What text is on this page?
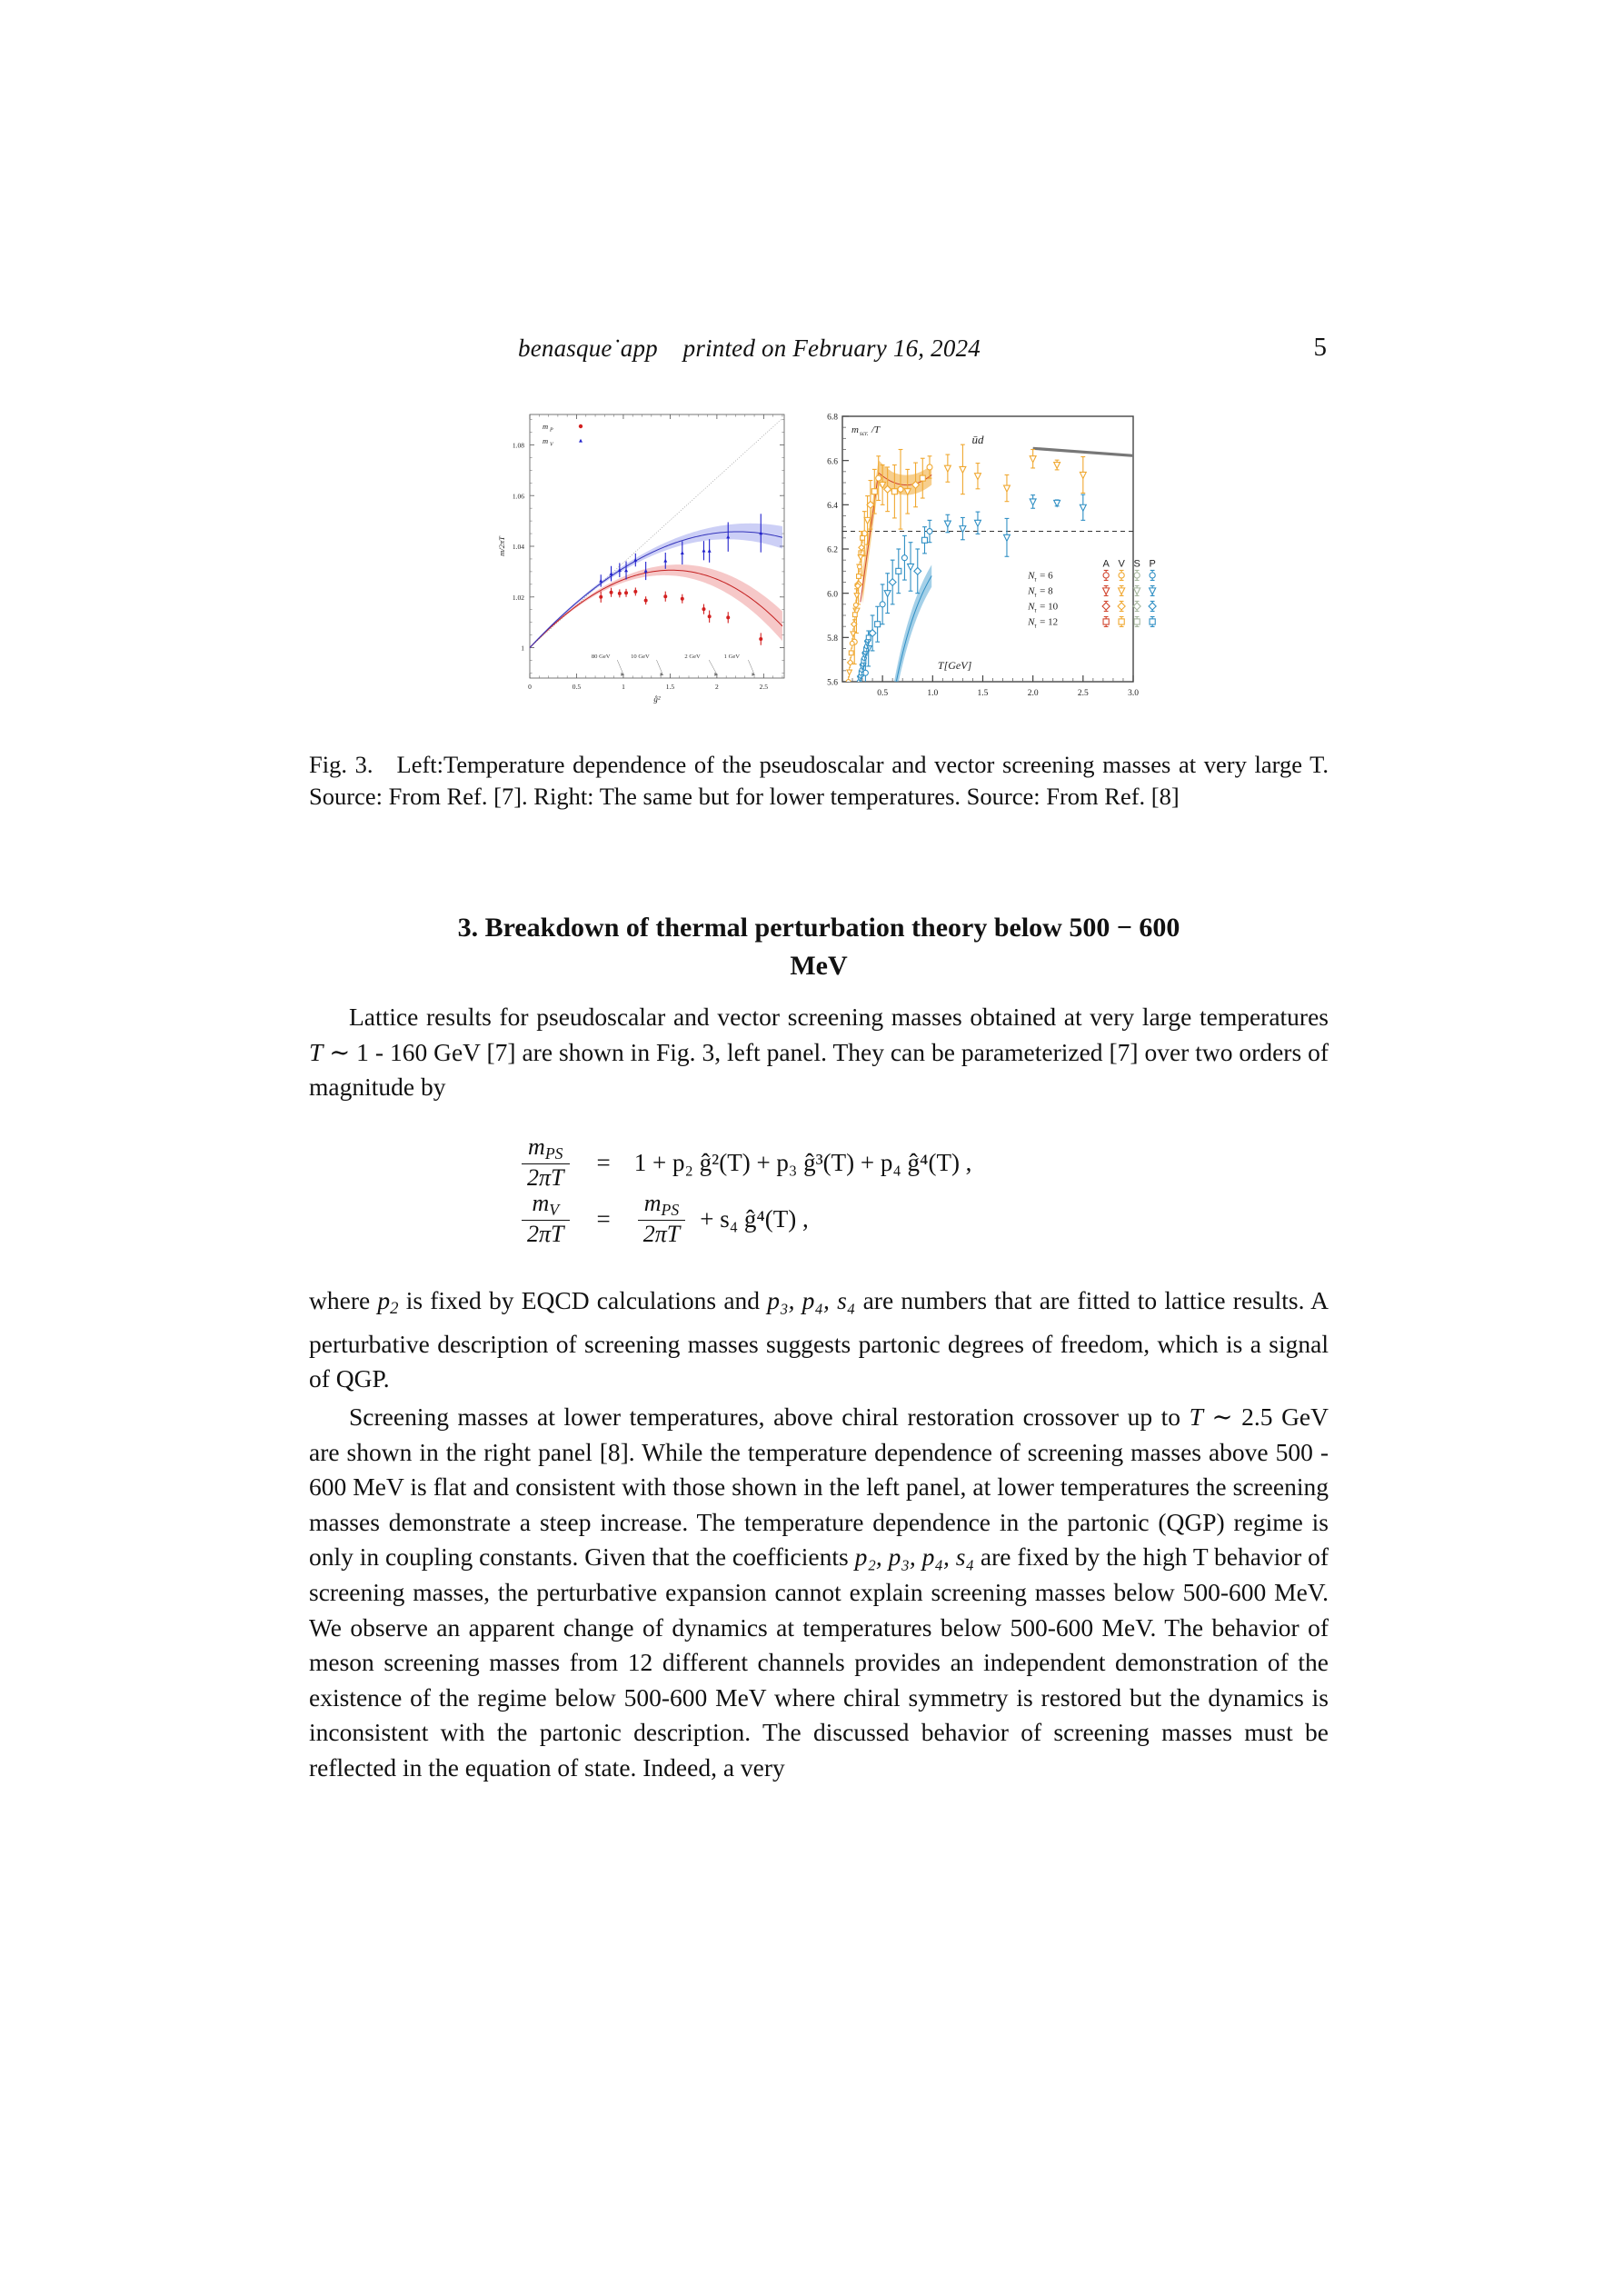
benasque˙app    printed on February 16, 2024	5
1
1.02
1.04
1.06
1.08
0	0.5	1	1.5	2	2.5
m/2πT
ĝ²
80 GeV	10 GeV	2 GeV	1 GeV
m P
m V
5.6
5.8
6.0
6.2
6.4
6.6
6.8
0.5	1.0	1.5	2.0	2.5	3.0
m scr. /T
ūd
T[GeV]
A V S P
N τ = 6
N τ = 8
N τ = 10
N τ = 12
Fig. 3. Left:Temperature dependence of the pseudoscalar and vector screening masses at very large T. Source: From Ref. [7]. Right: The same but for lower temperatures. Source: From Ref. [8]
3. Breakdown of thermal perturbation theory below 500 − 600
MeV
Lattice results for pseudoscalar and vector screening masses obtained at very large temperatures T ∼ 1 - 160 GeV [7] are shown in Fig. 3, left panel. They can be parameterized [7] over two orders of magnitude by
$\frac{m_{PS}}{2\pi T} = 1 + p_2$ ĝ²(T) + p₃ ĝ³(T) + p₄ ĝ⁴(T) ,
$\frac{m_V}{2\pi T} = \frac{m_{PS}}{2\pi T} + s_4$ ĝ⁴(T) ,
where $p_2$ is fixed by EQCD calculations and p₃, p₄, s₄ are numbers that are fitted to lattice results. A perturbative description of screening masses suggests partonic degrees of freedom, which is a signal of QGP.
Screening masses at lower temperatures, above chiral restoration crossover up to T ∼ 2.5 GeV are shown in the right panel [8]. While the temperature dependence of screening masses above 500 - 600 MeV is flat and consistent with those shown in the left panel, at lower temperatures the screening masses demonstrate a steep increase. The temperature dependence in the partonic (QGP) regime is only in coupling constants. Given that the coefficients p₂, p₃, p₄, s₄ are fixed by the high T behavior of screening masses, the perturbative expansion cannot explain screening masses below 500-600 MeV. We observe an apparent change of dynamics at temperatures below 500-600 MeV. The behavior of meson screening masses from 12 different channels provides an independent demonstration of the existence of the regime below 500-600 MeV where chiral symmetry is restored but the dynamics is inconsistent with the partonic description. The discussed behavior of screening masses must be reflected in the equation of state. Indeed, a very
